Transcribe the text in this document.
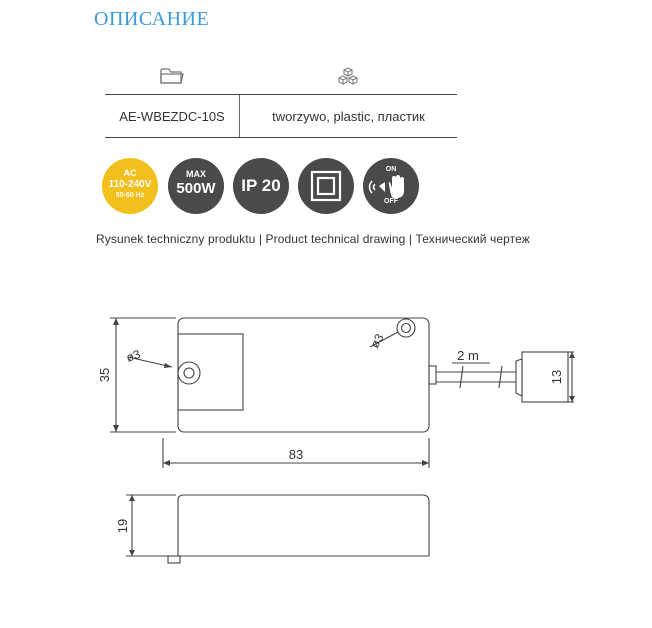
ОПИСАНИЕ
AE-WBEZDC-10S	tworzywo, plastic, пластик
AC
110-240V
50-60 Hz
MAX
500W	IP 20
ON
OFF
Rysunek techniczny produktu | Product technical drawing | Технический чертеж
35
ø3
ø3
2 m
13
83
19
